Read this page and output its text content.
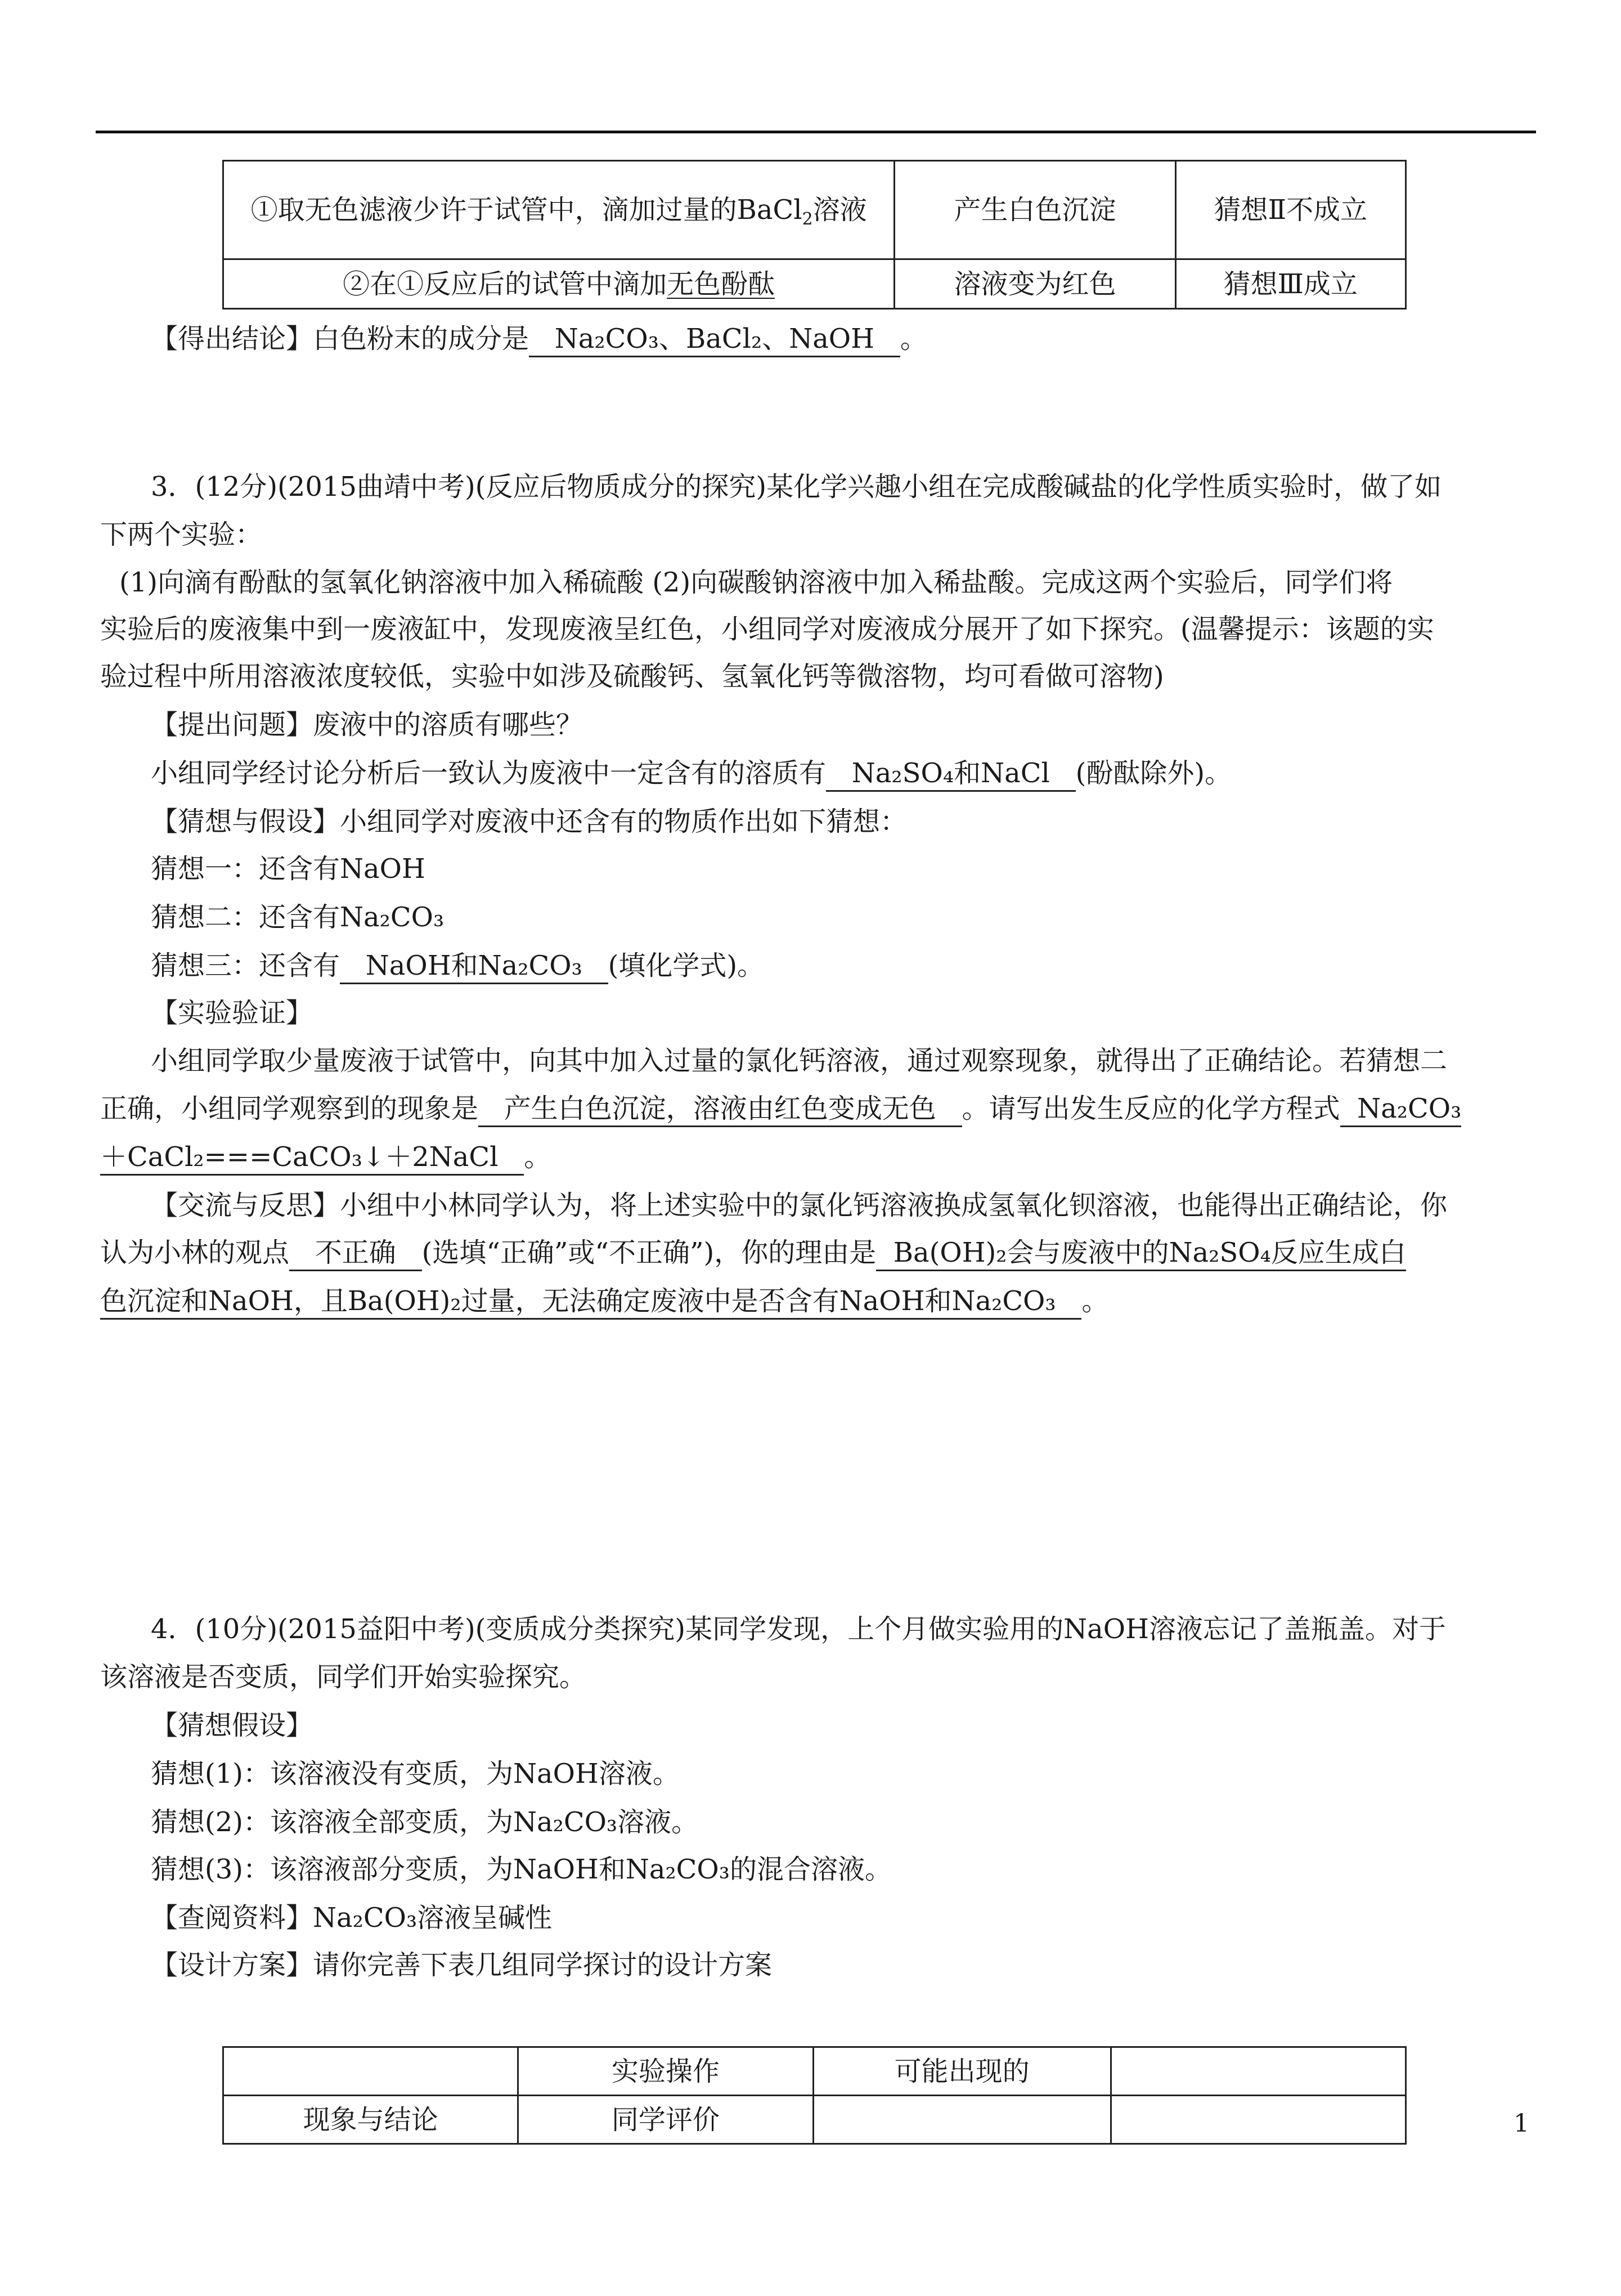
①取无色滤液少许于试管中，滴加过量的BaCl$_2$溶液	产生白色沉淀	猜想Ⅱ不成立
②在①反应后的试管中滴加无色酚酞	溶液变为红色	猜想Ⅲ成立
【得出结论】白色粉末的成分是 Na₂CO₃、BaCl₂、NaOH 。
3．(12分)(2015曲靖中考)(反应后物质成分的探究)某化学兴趣小组在完成酸碱盐的化学性质实验时，做了如
下两个实验：
(1)向滴有酚酞的氢氧化钠溶液中加入稀硫酸 (2)向碳酸钠溶液中加入稀盐酸。完成这两个实验后，同学们将
实验后的废液集中到一废液缸中，发现废液呈红色，小组同学对废液成分展开了如下探究。(温馨提示：该题的实
验过程中所用溶液浓度较低，实验中如涉及硫酸钙、氢氧化钙等微溶物，均可看做可溶物)
【提出问题】废液中的溶质有哪些？
小组同学经讨论分析后一致认为废液中一定含有的溶质有 Na₂SO₄和NaCl (酚酞除外)。
【猜想与假设】小组同学对废液中还含有的物质作出如下猜想：
猜想一：还含有NaOH
猜想二：还含有Na₂CO₃
猜想三：还含有 NaOH和Na₂CO₃ (填化学式)。
【实验验证】
小组同学取少量废液于试管中，向其中加入过量的氯化钙溶液，通过观察现象，就得出了正确结论。若猜想二
正确，小组同学观察到的现象是 产生白色沉淀，溶液由红色变成无色 。请写出发生反应的化学方程式 Na₂CO₃
＋CaCl₂===CaCO₃↓＋2NaCl 。
【交流与反思】小组中小林同学认为，将上述实验中的氯化钙溶液换成氢氧化钡溶液，也能得出正确结论，你
认为小林的观点 不正确 (选填“正确”或“不正确”)，你的理由是 Ba(OH)₂会与废液中的Na₂SO₄反应生成白
色沉淀和NaOH，且Ba(OH)₂过量，无法确定废液中是否含有NaOH和Na₂CO₃ 。
4．(10分)(2015益阳中考)(变质成分类探究)某同学发现，上个月做实验用的NaOH溶液忘记了盖瓶盖。对于
该溶液是否变质，同学们开始实验探究。
【猜想假设】
猜想(1)：该溶液没有变质，为NaOH溶液。
猜想(2)：该溶液全部变质，为Na₂CO₃溶液。
猜想(3)：该溶液部分变质，为NaOH和Na₂CO₃的混合溶液。
【查阅资料】Na₂CO₃溶液呈碱性
【设计方案】请你完善下表几组同学探讨的设计方案
	实验操作	可能出现的	
现象与结论	同学评价			1
